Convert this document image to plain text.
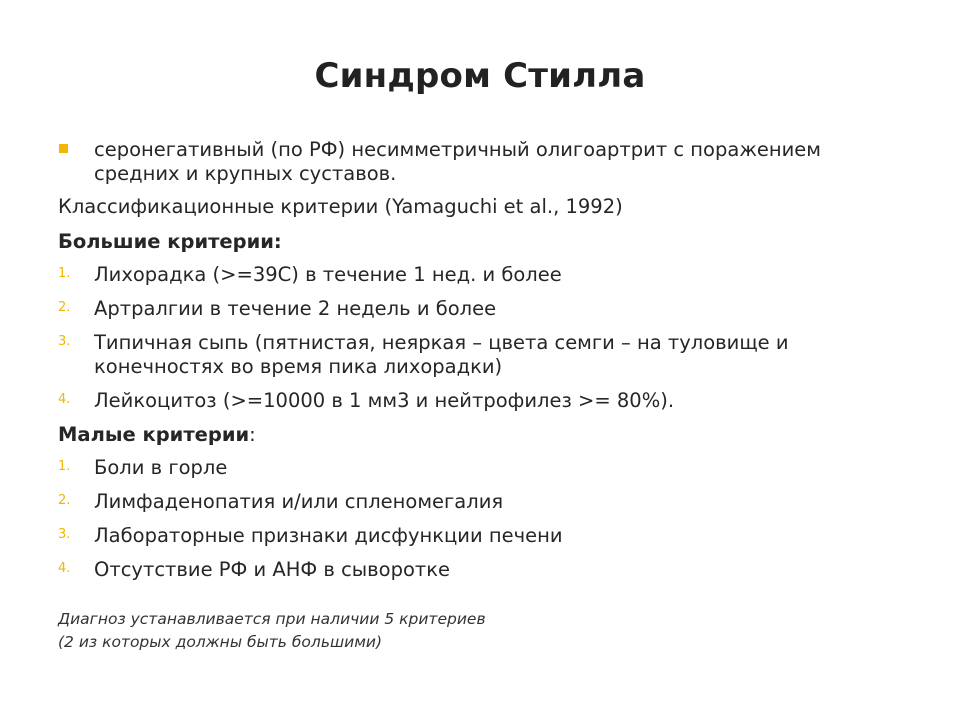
Синдром Стилла

серонегативный (по РФ) несимметричный олигоартрит с поражением

средних и крупных суставов.

Классификационные критерии (Yamaguchi et al., 1992)

Большие критерии:

1. Лихорадка (>=39С) в течение 1 нед. и более

2. Артралгии в течение 2 недель и более

3. Типичная сыпь (пятнистая, неяркая – цвета семги – на туловище и

конечностях во время пика лихорадки)

4. Лейкоцитоз (>=10000 в 1 мм3 и нейтрофилез >= 80%).

Малые критерии:

1. Боли в горле

2. Лимфаденопатия и/или спленомегалия

3. Лабораторные признаки дисфункции печени

4. Отсутствие РФ и АНФ в сыворотке

Диагноз устанавливается при наличии 5 критериев

(2 из которых должны быть большими)
